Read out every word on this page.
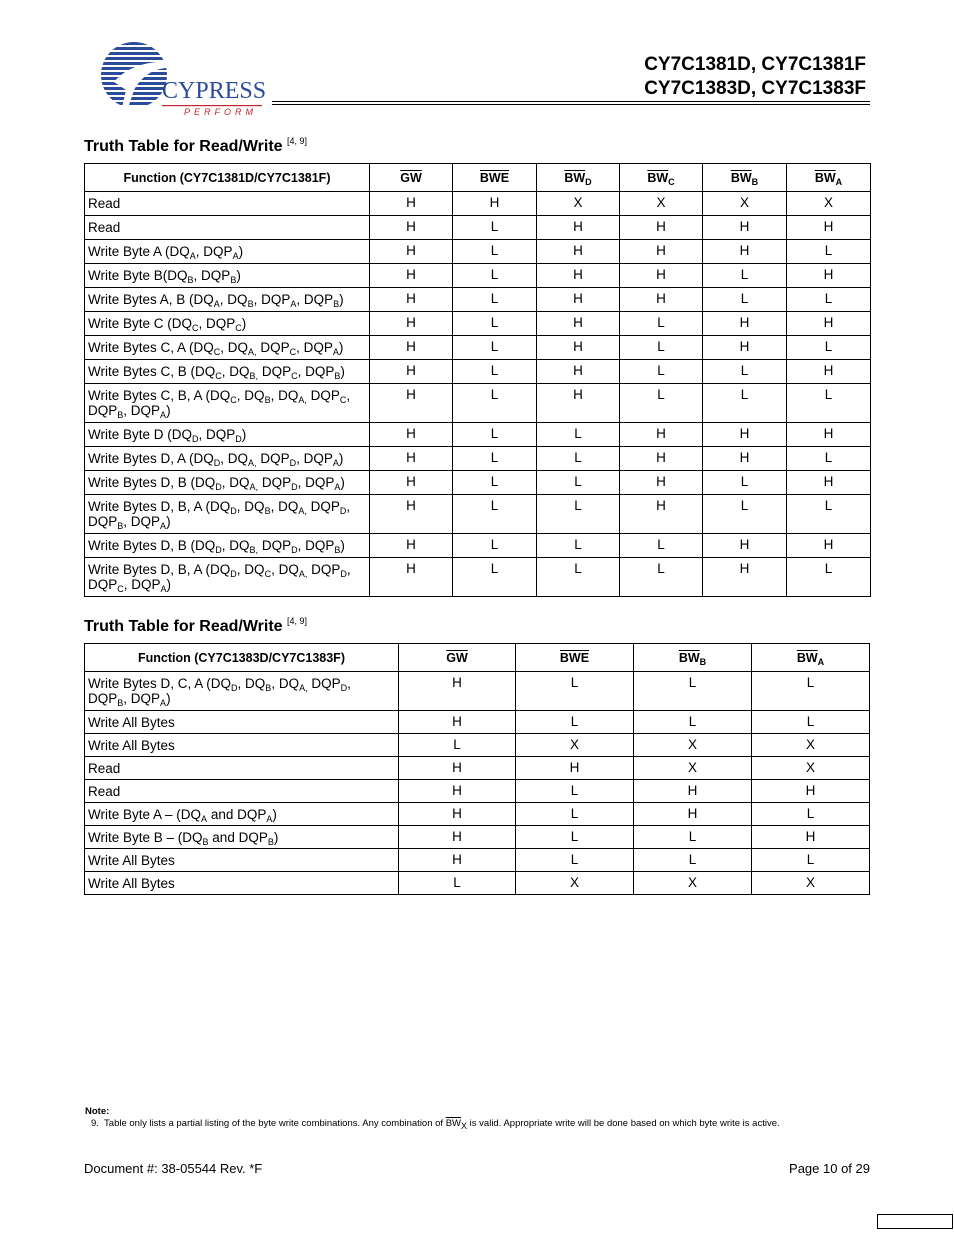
CYPRESS
PERFORM
CY7C1381D, CY7C1381F
CY7C1383D, CY7C1383F
Truth Table for Read/Write [4, 9]
Function (CY7C1381D/CY7C1381F)	$\overline{GW}$	$\overline{BWE}$	$\overline{BW}_D$	$\overline{BW}_C$	$\overline{BW}_B$	$\overline{BW}_A$
Read	H	H	X	X	X	X
Read	H	L	H	H	H	H
Write Byte A ($DQ_A$, $DQP_A$)	H	L	H	H	H	L
Write Byte $B(DQ_B$, $DQP_B$)	H	L	H	H	L	H
Write Bytes A, B ($DQ_A$, $DQ_B$, $DQP_A$, $DQP_B$)	H	L	H	H	L	L
Write Byte C ($DQ_C$, $DQP_C$)	H	L	H	L	H	H
Write Bytes C, A ($DQ_C$, $DQ_{A,}$ $DQP_C$, $DQP_A$)	H	L	H	L	H	L
Write Bytes C, B ($DQ_C$, $DQ_{B,}$ $DQP_C$, $DQP_B$)	H	L	H	L	L	H
Write Bytes C, B, A ($DQ_C$, $DQ_B$, $DQ_{A,}$ $DQP_C$,
$DQP_B$, $DQP_A$)	H	L	H	L	L	L
Write Byte D ($DQ_D$, $DQP_D$)	H	L	L	H	H	H
Write Bytes D, A ($DQ_D$, $DQ_{A,}$ $DQP_D$, $DQP_A$)	H	L	L	H	H	L
Write Bytes D, B ($DQ_D$, $DQ_{A,}$ $DQP_D$, $DQP_A$)	H	L	L	H	L	H
Write Bytes D, B, A ($DQ_D$, $DQ_B$, $DQ_{A,}$ $DQP_D$,
$DQP_B$, $DQP_A$)	H	L	L	H	L	L
Write Bytes D, B ($DQ_D$, $DQ_{B,}$ $DQP_D$, $DQP_B$)	H	L	L	L	H	H
Write Bytes D, B, A ($DQ_D$, $DQ_C$, $DQ_{A,}$ $DQP_D$,
$DQP_C$, $DQP_A$)	H	L	L	L	H	L
Truth Table for Read/Write [4, 9]
Function (CY7C1383D/CY7C1383F)	$\overline{GW}$	$\overline{BWE}$	$\overline{BW}_B$	$\overline{BW}_A$
Write Bytes D, C, A ($DQ_D$, $DQ_B$, $DQ_{A,}$ $DQP_D$,
$DQP_B$, $DQP_A$)	H	L	L	L
Write All Bytes	H	L	L	L
Write All Bytes	L	X	X	X
Read	H	H	X	X
Read	H	L	H	H
Write Byte A – ($DQ_A$ and $DQP_A$)	H	L	H	L
Write Byte B – ($DQ_B$ and $DQP_B$)	H	L	L	H
Write All Bytes	H	L	L	L
Write All Bytes	L	X	X	X
Note:
9. Table only lists a partial listing of the byte write combinations. Any combination of $\overline{BW}_X$ is valid. Appropriate write will be done based on which byte write is active.
Document #: 38-05544 Rev. *F	Page 10 of 29
